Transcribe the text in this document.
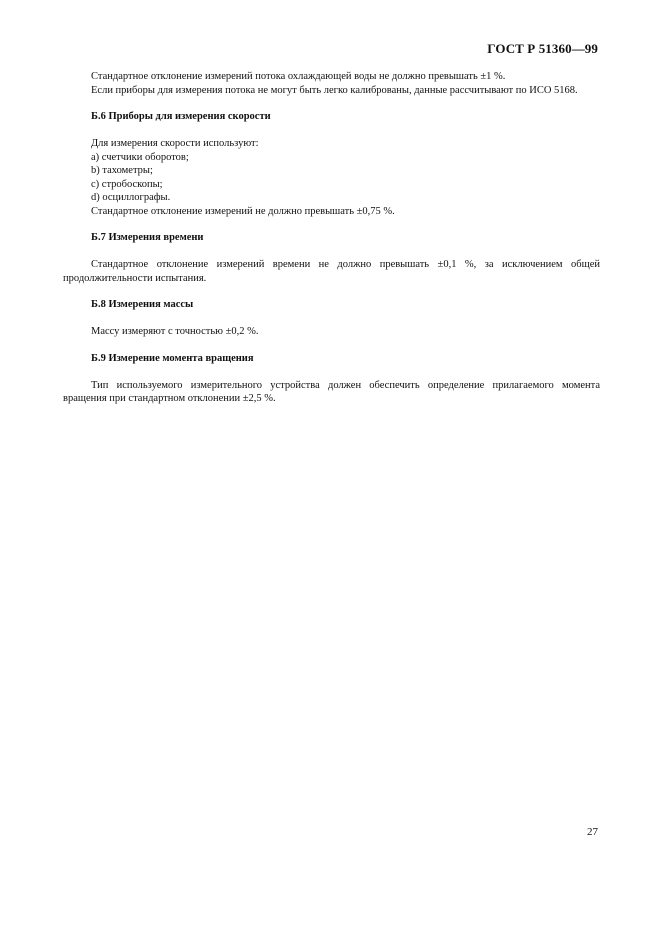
ГОСТ Р 51360—99

Стандартное отклонение измерений потока охлаждающей воды не должно превышать ±1 %.

Если приборы для измерения потока не могут быть легко калиброваны, данные рассчитывают по ИСО 5168.

Б.6 Приборы для измерения скорости

Для измерения скорости используют:

a) счетчики оборотов;

b) тахометры;

c) стробоскопы;

d) осциллографы.

Стандартное отклонение измерений не должно превышать ±0,75 %.

Б.7 Измерения времени

Стандартное отклонение измерений времени не должно превышать ±0,1 %, за исключением общей продолжительности испытания.

Б.8 Измерения массы

Массу измеряют с точностью ±0,2 %.

Б.9 Измерение момента вращения

Тип используемого измерительного устройства должен обеспечить определение прилагаемого момента вращения при стандартном отклонении ±2,5 %.

27
